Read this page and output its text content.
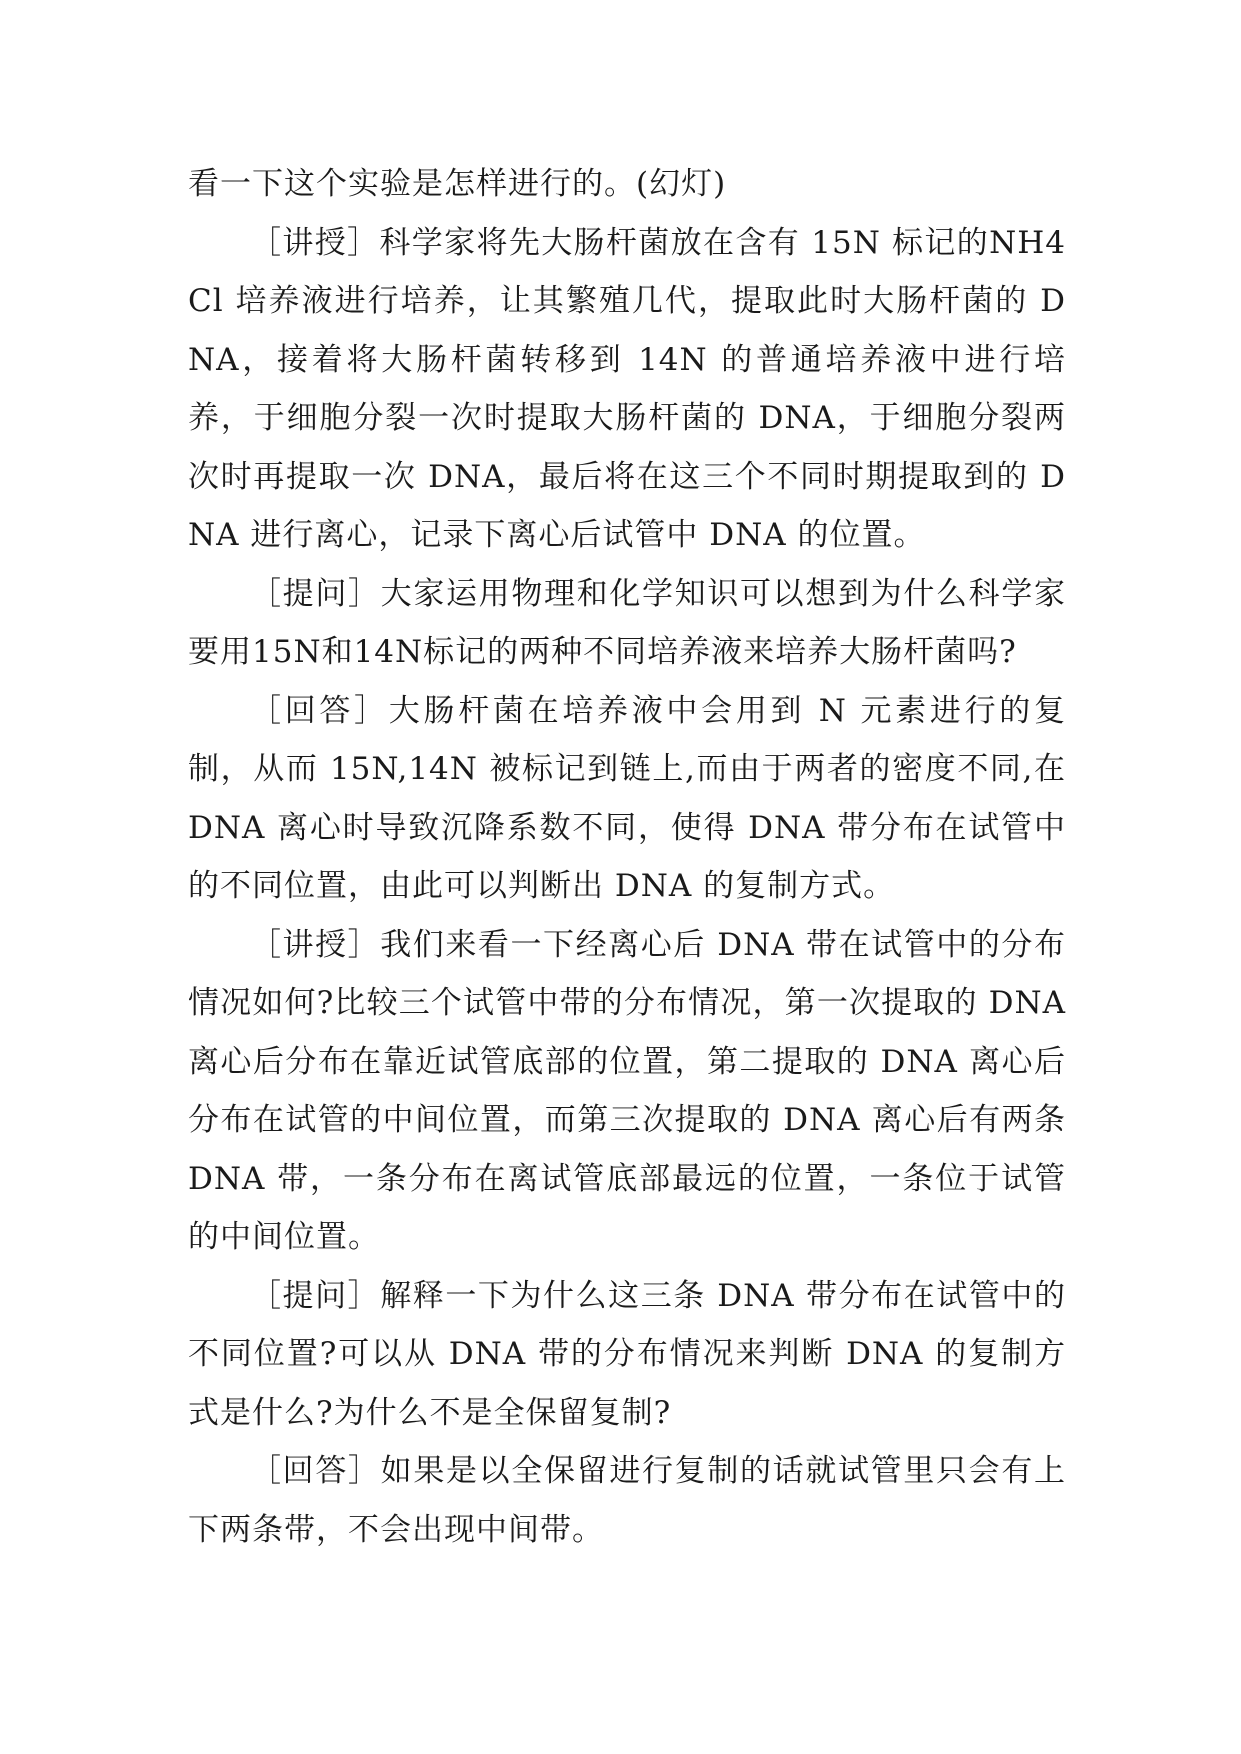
看一下这个实验是怎样进行的。(幻灯)

［讲授］科学家将先大肠杆菌放在含有 15N 标记的NH4Cl 培养液进行培养，让其繁殖几代，提取此时大肠杆菌的 DNA，接着将大肠杆菌转移到 14N 的普通培养液中进行培养，于细胞分裂一次时提取大肠杆菌的 DNA，于细胞分裂两次时再提取一次 DNA，最后将在这三个不同时期提取到的 DNA 进行离心，记录下离心后试管中 DNA 的位置。

［提问］大家运用物理和化学知识可以想到为什么科学家要用15N和14N标记的两种不同培养液来培养大肠杆菌吗?

［回答］大肠杆菌在培养液中会用到 N 元素进行的复制，从而 15N,14N 被标记到链上,而由于两者的密度不同,在 DNA 离心时导致沉降系数不同，使得 DNA 带分布在试管中的不同位置，由此可以判断出 DNA 的复制方式。

［讲授］我们来看一下经离心后 DNA 带在试管中的分布情况如何?比较三个试管中带的分布情况，第一次提取的 DNA 离心后分布在靠近试管底部的位置，第二提取的 DNA 离心后分布在试管的中间位置，而第三次提取的 DNA 离心后有两条 DNA 带，一条分布在离试管底部最远的位置，一条位于试管的中间位置。

［提问］解释一下为什么这三条 DNA 带分布在试管中的不同位置?可以从 DNA 带的分布情况来判断 DNA 的复制方式是什么?为什么不是全保留复制?

［回答］如果是以全保留进行复制的话就试管里只会有上下两条带，不会出现中间带。
